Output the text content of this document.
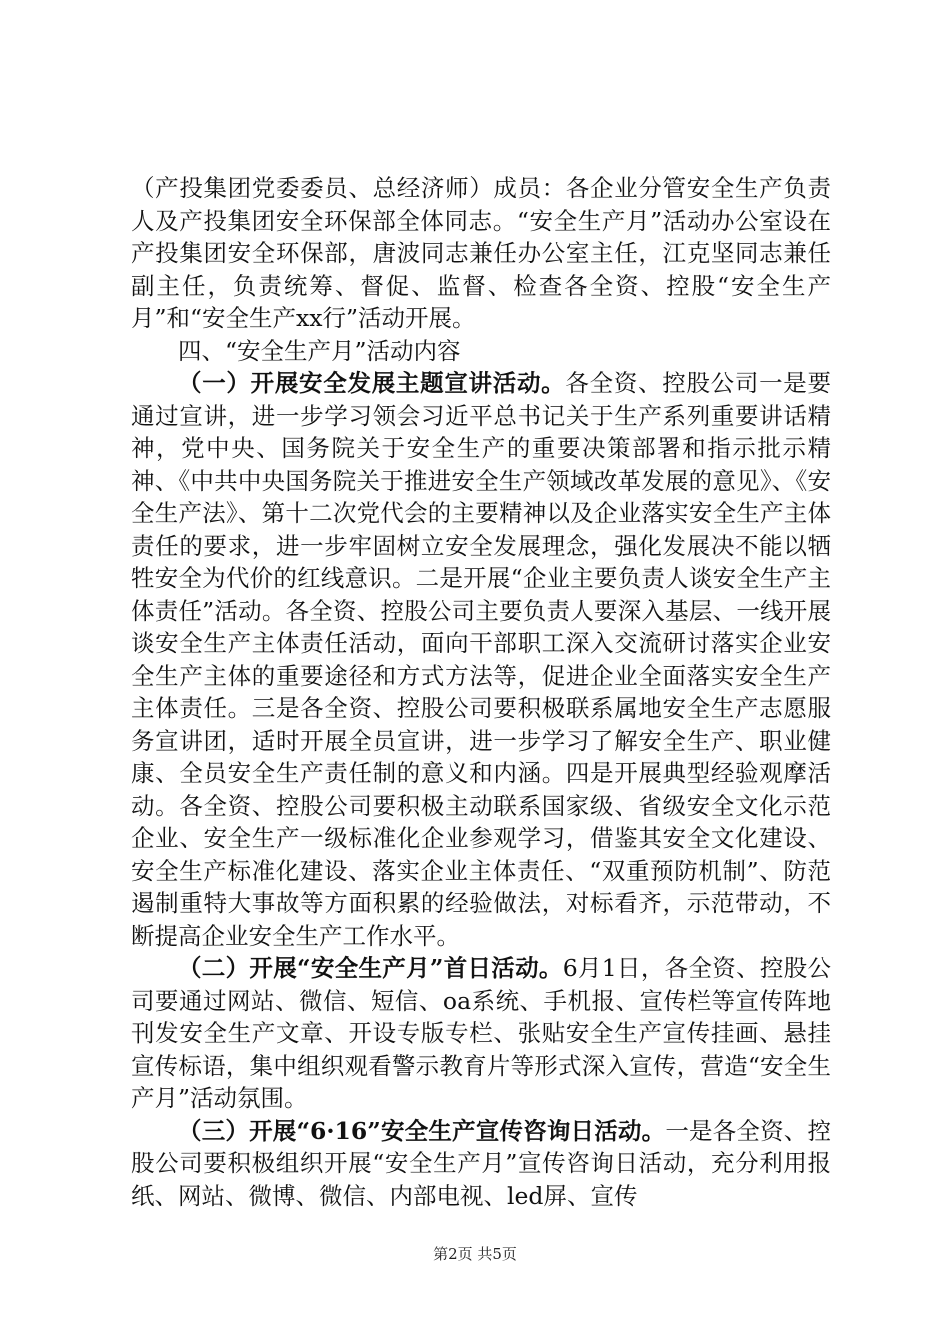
（产投集团党委委员、总经济师）成员：各企业分管安全生产负责人及产投集团安全环保部全体同志。“安全生产月”活动办公室设在产投集团安全环保部，唐波同志兼任办公室主任，江克坚同志兼任副主任，负责统筹、督促、监督、检查各全资、控股“安全生产月”和“安全生产xx行”活动开展。

四、“安全生产月”活动内容

（一）开展安全发展主题宣讲活动。各全资、控股公司一是要通过宣讲，进一步学习领会习近平总书记关于生产系列重要讲话精神，党中央、国务院关于安全生产的重要决策部署和指示批示精神、《中共中央国务院关于推进安全生产领域改革发展的意见》、《安全生产法》、第十二次党代会的主要精神以及企业落实安全生产主体责任的要求，进一步牢固树立安全发展理念，强化发展决不能以牺牲安全为代价的红线意识。二是开展“企业主要负责人谈安全生产主体责任”活动。各全资、控股公司主要负责人要深入基层、一线开展谈安全生产主体责任活动，面向干部职工深入交流研讨落实企业安全生产主体的重要途径和方式方法等，促进企业全面落实安全生产主体责任。三是各全资、控股公司要积极联系属地安全生产志愿服务宣讲团，适时开展全员宣讲，进一步学习了解安全生产、职业健康、全员安全生产责任制的意义和内涵。四是开展典型经验观摩活动。各全资、控股公司要积极主动联系国家级、省级安全文化示范企业、安全生产一级标准化企业参观学习，借鉴其安全文化建设、安全生产标准化建设、落实企业主体责任、“双重预防机制”、防范遏制重特大事故等方面积累的经验做法，对标看齐，示范带动，不断提高企业安全生产工作水平。

（二）开展“安全生产月”首日活动。6月1日，各全资、控股公司要通过网站、微信、短信、oa系统、手机报、宣传栏等宣传阵地刊发安全生产文章、开设专版专栏、张贴安全生产宣传挂画、悬挂宣传标语，集中组织观看警示教育片等形式深入宣传，营造“安全生产月”活动氛围。

（三）开展“6·16”安全生产宣传咨询日活动。一是各全资、控股公司要积极组织开展“安全生产月”宣传咨询日活动，充分利用报纸、网站、微博、微信、内部电视、led屏、宣传

第2页 共5页
